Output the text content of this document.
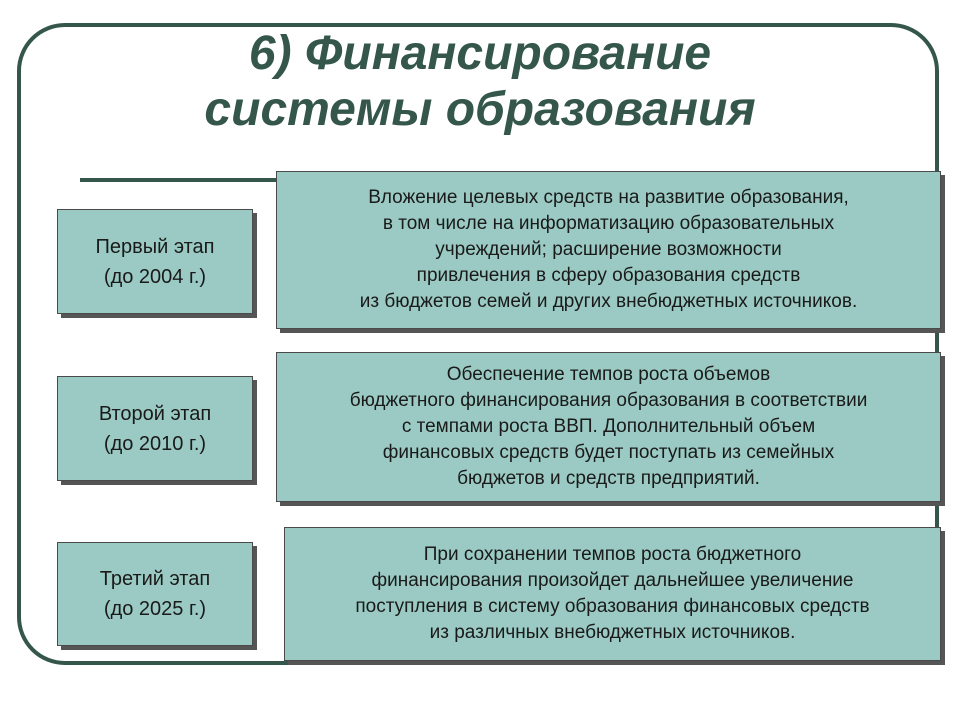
6) Финансирование
системы образования
Первый этап
(до 2004 г.)
Вложение целевых средств на развитие образования,
в том числе на информатизацию образовательных
учреждений; расширение возможности
привлечения в сферу образования средств
из бюджетов семей и других внебюджетных источников.
Второй этап
(до 2010 г.)
Обеспечение темпов роста объемов
бюджетного финансирования образования в соответствии
с темпами роста ВВП. Дополнительный объем
финансовых средств будет поступать из семейных
бюджетов и средств предприятий.
Третий этап
(до 2025 г.)
При сохранении темпов роста бюджетного
финансирования произойдет дальнейшее увеличение
поступления в систему образования финансовых средств
из различных внебюджетных источников.
